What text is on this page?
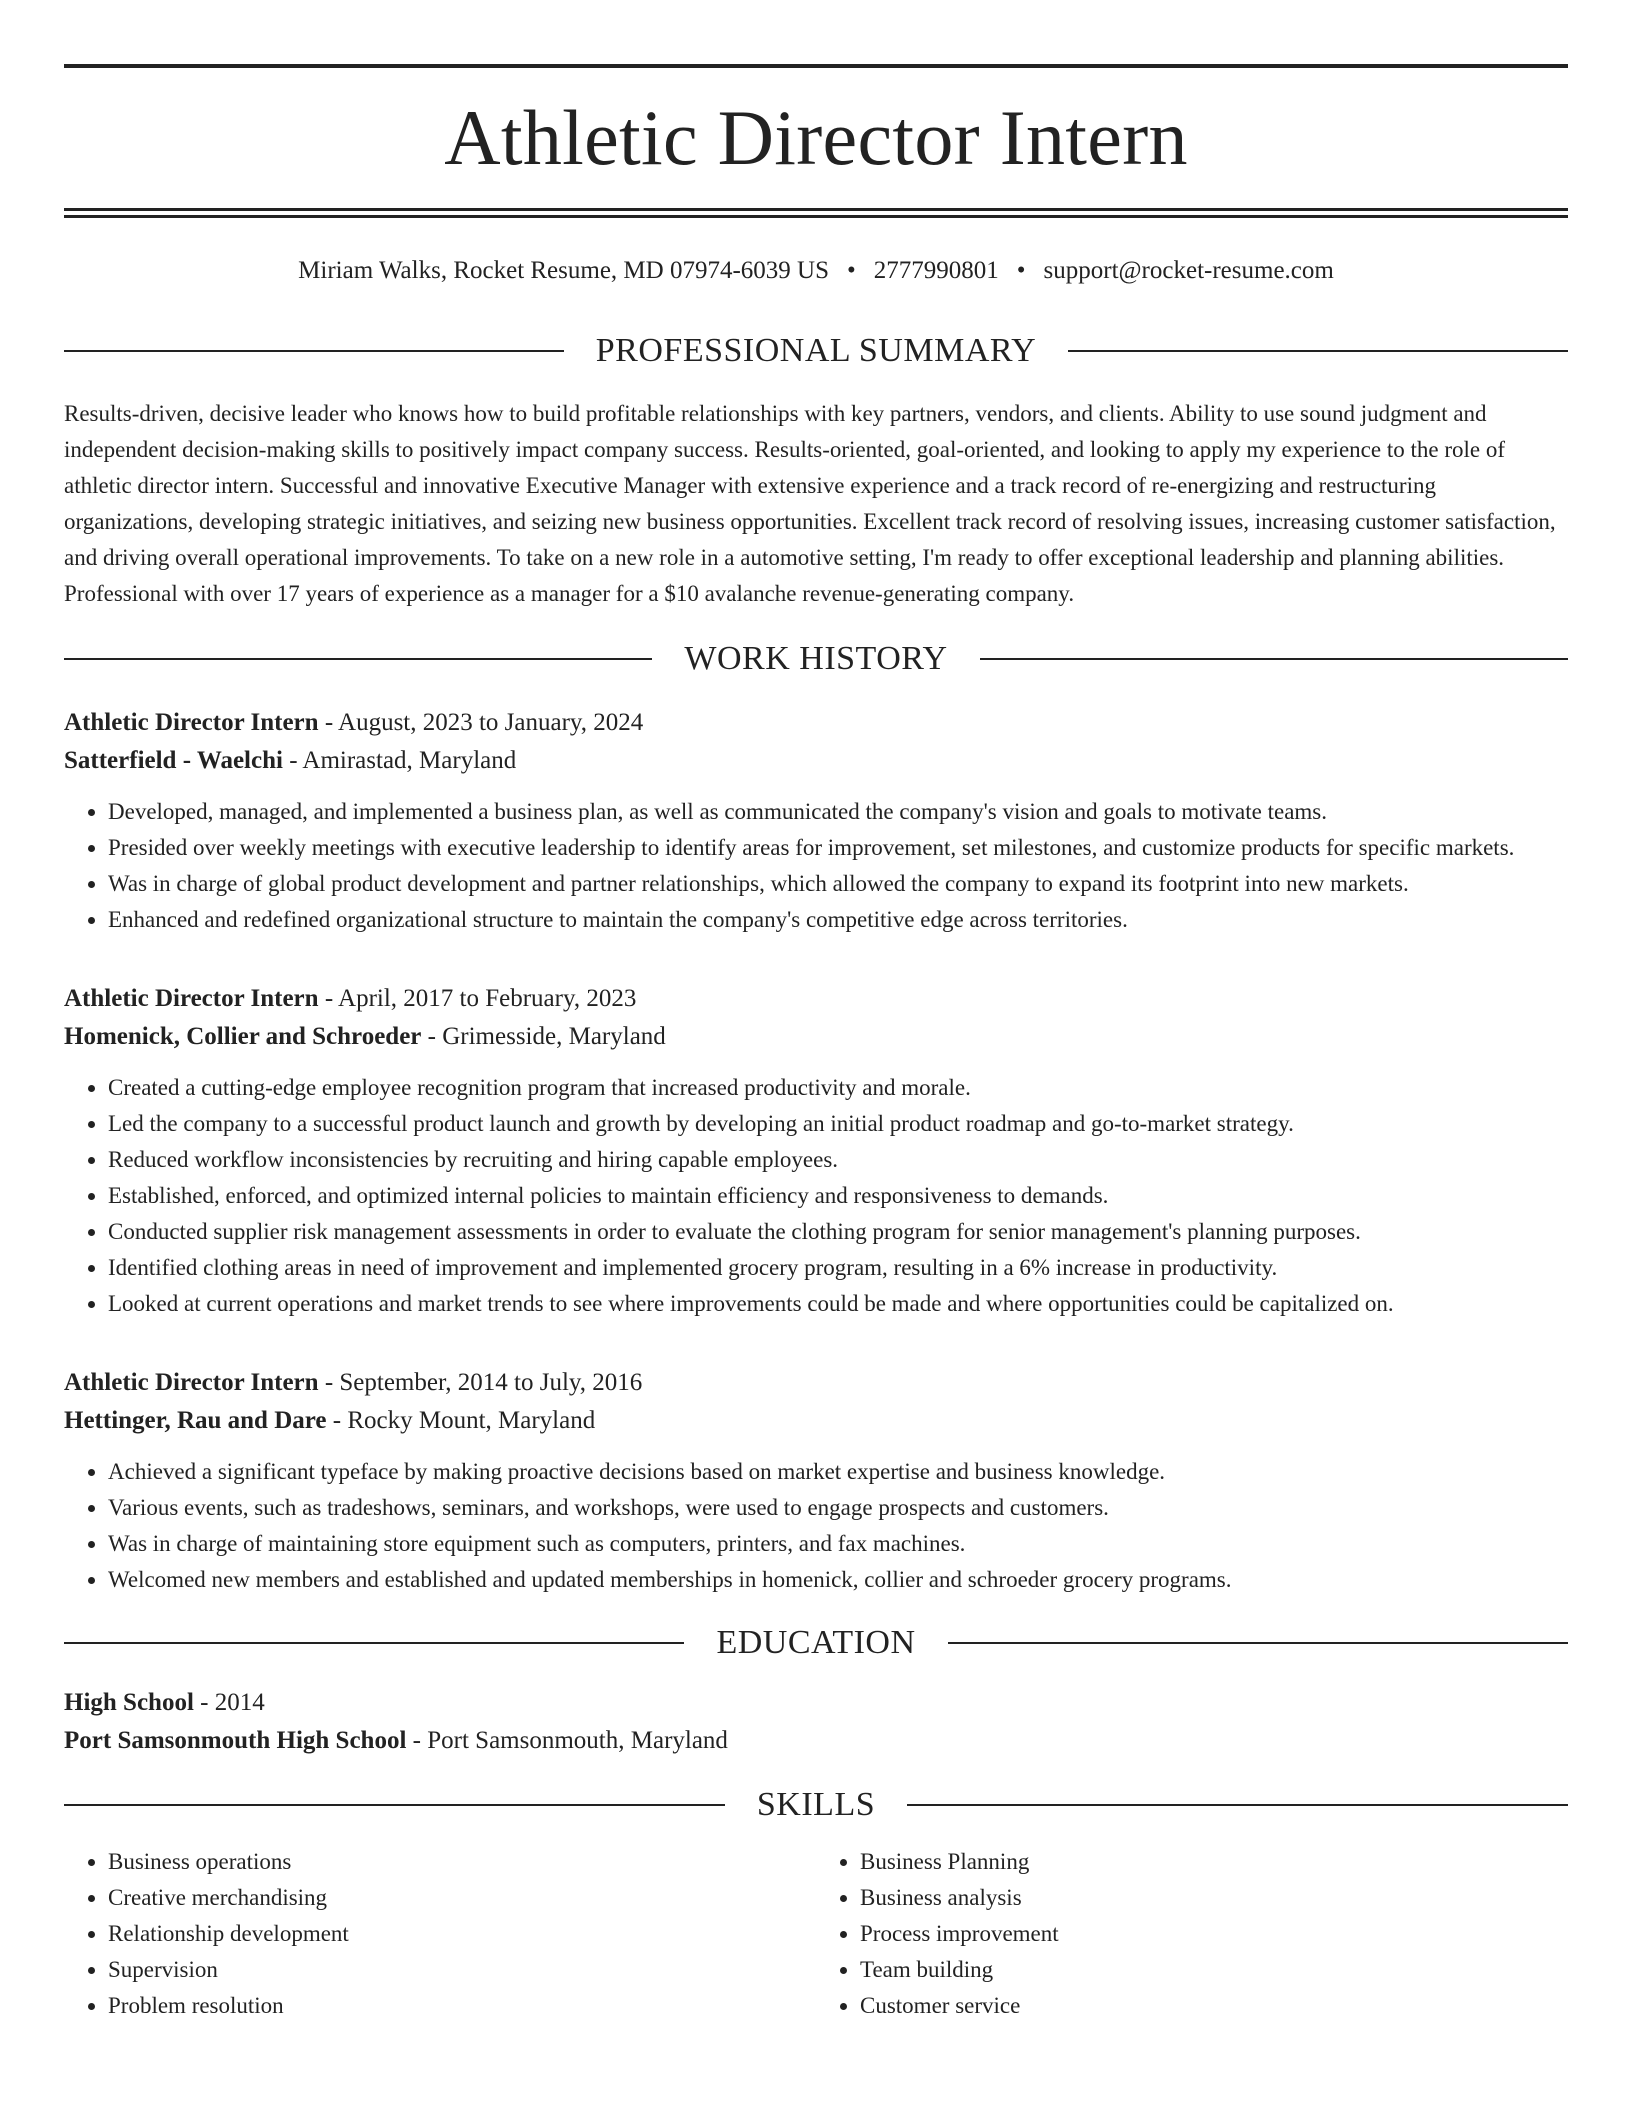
Athletic Director Intern
Miriam Walks, Rocket Resume, MD 07974-6039 US • 2777990801 • support@rocket-resume.com
PROFESSIONAL SUMMARY
Results-driven, decisive leader who knows how to build profitable relationships with key partners, vendors, and clients. Ability to use sound judgment and independent decision-making skills to positively impact company success. Results-oriented, goal-oriented, and looking to apply my experience to the role of athletic director intern. Successful and innovative Executive Manager with extensive experience and a track record of re-energizing and restructuring organizations, developing strategic initiatives, and seizing new business opportunities. Excellent track record of resolving issues, increasing customer satisfaction, and driving overall operational improvements. To take on a new role in a automotive setting, I'm ready to offer exceptional leadership and planning abilities. Professional with over 17 years of experience as a manager for a $10 avalanche revenue-generating company.
WORK HISTORY
Athletic Director Intern - August, 2023 to January, 2024
Satterfield - Waelchi - Amirastad, Maryland
• Developed, managed, and implemented a business plan, as well as communicated the company's vision and goals to motivate teams.
• Presided over weekly meetings with executive leadership to identify areas for improvement, set milestones, and customize products for specific markets.
• Was in charge of global product development and partner relationships, which allowed the company to expand its footprint into new markets.
• Enhanced and redefined organizational structure to maintain the company's competitive edge across territories.
Athletic Director Intern - April, 2017 to February, 2023
Homenick, Collier and Schroeder - Grimesside, Maryland
• Created a cutting-edge employee recognition program that increased productivity and morale.
• Led the company to a successful product launch and growth by developing an initial product roadmap and go-to-market strategy.
• Reduced workflow inconsistencies by recruiting and hiring capable employees.
• Established, enforced, and optimized internal policies to maintain efficiency and responsiveness to demands.
• Conducted supplier risk management assessments in order to evaluate the clothing program for senior management's planning purposes.
• Identified clothing areas in need of improvement and implemented grocery program, resulting in a 6% increase in productivity.
• Looked at current operations and market trends to see where improvements could be made and where opportunities could be capitalized on.
Athletic Director Intern - September, 2014 to July, 2016
Hettinger, Rau and Dare - Rocky Mount, Maryland
• Achieved a significant typeface by making proactive decisions based on market expertise and business knowledge.
• Various events, such as tradeshows, seminars, and workshops, were used to engage prospects and customers.
• Was in charge of maintaining store equipment such as computers, printers, and fax machines.
• Welcomed new members and established and updated memberships in homenick, collier and schroeder grocery programs.
EDUCATION
High School - 2014
Port Samsonmouth High School - Port Samsonmouth, Maryland
SKILLS
• Business operations
• Creative merchandising
• Relationship development
• Supervision
• Problem resolution
• Business Planning
• Business analysis
• Process improvement
• Team building
• Customer service
